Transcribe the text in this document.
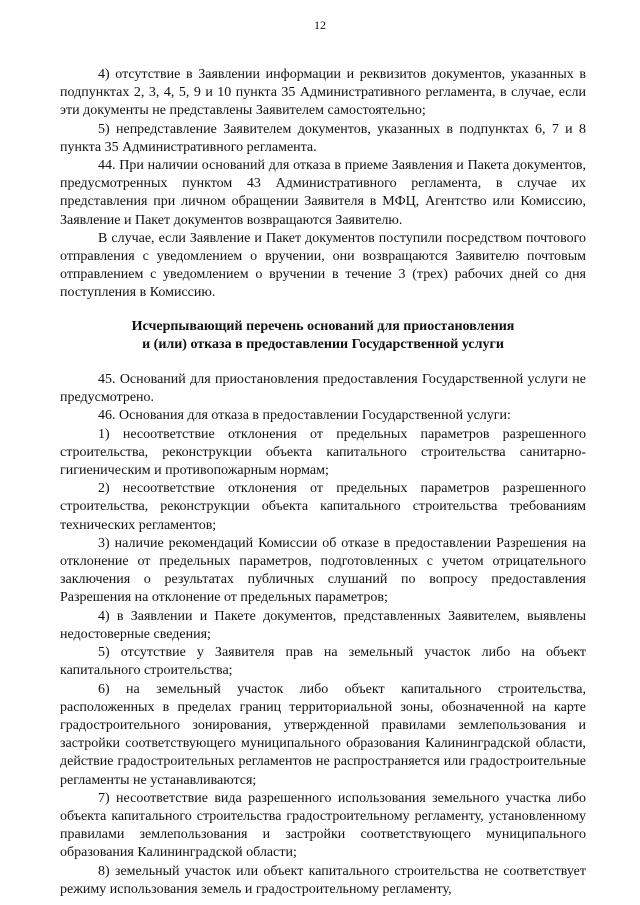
12

4) отсутствие в Заявлении информации и реквизитов документов, указанных в подпунктах 2, 3, 4, 5, 9 и 10 пункта 35 Административного регламента, в случае, если эти документы не представлены Заявителем самостоятельно;

5) непредставление Заявителем документов, указанных в подпунктах 6, 7 и 8 пункта 35 Административного регламента.

44. При наличии оснований для отказа в приеме Заявления и Пакета документов, предусмотренных пунктом 43 Административного регламента, в случае их представления при личном обращении Заявителя в МФЦ, Агентство или Комиссию, Заявление и Пакет документов возвращаются Заявителю.

В случае, если Заявление и Пакет документов поступили посредством почтового отправления с уведомлением о вручении, они возвращаются Заявителю почтовым отправлением с уведомлением о вручении в течение 3 (трех) рабочих дней со дня поступления в Комиссию.

Исчерпывающий перечень оснований для приостановления
и (или) отказа в предоставлении Государственной услуги

45. Оснований для приостановления предоставления Государственной услуги не предусмотрено.

46. Основания для отказа в предоставлении Государственной услуги:

1) несоответствие отклонения от предельных параметров разрешенного строительства, реконструкции объекта капитального строительства санитарно-гигиеническим и противопожарным нормам;

2) несоответствие отклонения от предельных параметров разрешенного строительства, реконструкции объекта капитального строительства требованиям технических регламентов;

3) наличие рекомендаций Комиссии об отказе в предоставлении Разрешения на отклонение от предельных параметров, подготовленных с учетом отрицательного заключения о результатах публичных слушаний по вопросу предоставления Разрешения на отклонение от предельных параметров;

4) в Заявлении и Пакете документов, представленных Заявителем, выявлены недостоверные сведения;

5) отсутствие у Заявителя прав на земельный участок либо на объект капитального строительства;

6) на земельный участок либо объект капитального строительства, расположенных в пределах границ территориальной зоны, обозначенной на карте градостроительного зонирования, утвержденной правилами землепользования и застройки соответствующего муниципального образования Калининградской области, действие градостроительных регламентов не распространяется или градостроительные регламенты не устанавливаются;

7) несоответствие вида разрешенного использования земельного участка либо объекта капитального строительства градостроительному регламенту, установленному правилами землепользования и застройки соответствующего муниципального образования Калининградской области;

8) земельный участок или объект капитального строительства не соответствует режиму использования земель и градостроительному регламенту,
